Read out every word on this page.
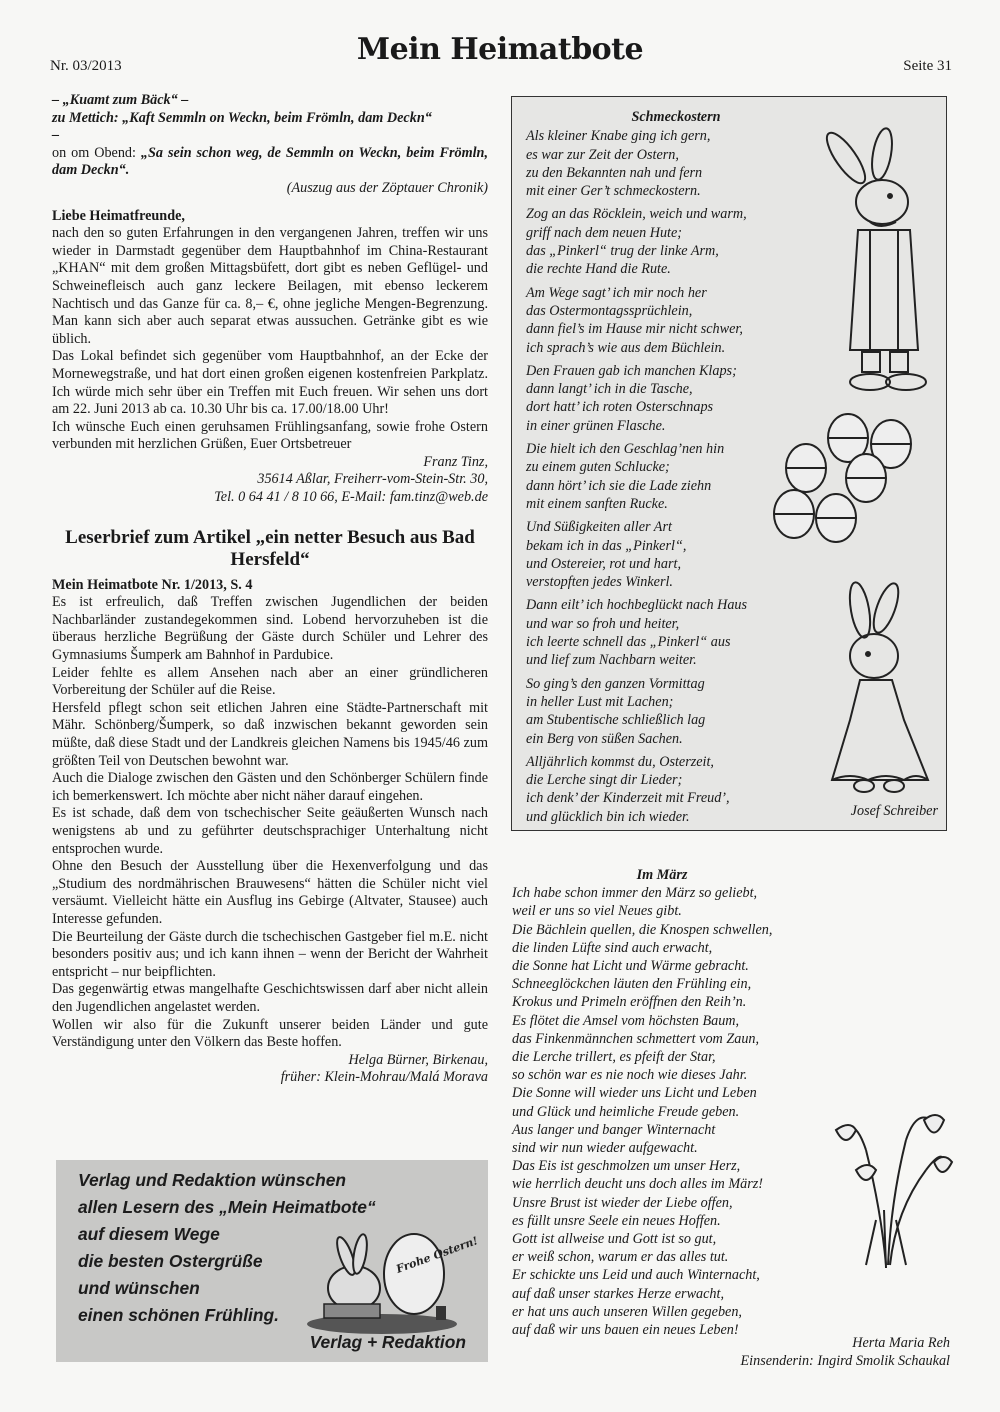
Nr. 03/2013	Mein Heimatbote	Seite 31

– „Kuamt zum Bäck“ –

zu Mettich: „Kaft Semmln on Weckn, beim Frömln, dam Deckn“

–

on om Obend: „Sa sein schon weg, de Semmln on Weckn, beim Frömln, dam Deckn“.

(Auszug aus der Zöptauer Chronik)

Liebe Heimatfreunde,

nach den so guten Erfahrungen in den vergangenen Jahren, treffen wir uns wieder in Darmstadt gegenüber dem Hauptbahnhof im China-Restaurant „KHAN“ mit dem großen Mittagsbüfett, dort gibt es neben Geflügel- und Schweinefleisch auch ganz leckere Beilagen, mit ebenso leckerem Nachtisch und das Ganze für ca. 8,– €, ohne jegliche Mengen-Begrenzung. Man kann sich aber auch separat etwas aussuchen. Getränke gibt es wie üblich.

Das Lokal befindet sich gegenüber vom Hauptbahnhof, an der Ecke der Mornewegstraße, und hat dort einen großen eigenen kostenfreien Parkplatz. Ich würde mich sehr über ein Treffen mit Euch freuen. Wir sehen uns dort am 22. Juni 2013 ab ca. 10.30 Uhr bis ca. 17.00/18.00 Uhr!

Ich wünsche Euch einen geruhsamen Frühlingsanfang, sowie frohe Ostern verbunden mit herzlichen Grüßen, Euer Ortsbetreuer

Franz Tinz,

35614 Aßlar, Freiherr-vom-Stein-Str. 30,

Tel. 0 64 41 / 8 10 66, E-Mail: fam.tinz@web.de

Leserbrief zum Artikel „ein netter Besuch aus Bad Hersfeld“

Mein Heimatbote Nr. 1/2013, S. 4

Es ist erfreulich, daß Treffen zwischen Jugendlichen der beiden Nachbarländer zustandegekommen sind. Lobend hervorzuheben ist die überaus herzliche Begrüßung der Gäste durch Schüler und Lehrer des Gymnasiums Šumperk am Bahnhof in Pardubice.

Leider fehlte es allem Ansehen nach aber an einer gründlicheren Vorbereitung der Schüler auf die Reise.

Hersfeld pflegt schon seit etlichen Jahren eine Städte-Partnerschaft mit Mähr. Schönberg/Šumperk, so daß inzwischen bekannt geworden sein müßte, daß diese Stadt und der Landkreis gleichen Namens bis 1945/46 zum größten Teil von Deutschen bewohnt war.

Auch die Dialoge zwischen den Gästen und den Schönberger Schülern finde ich bemerkenswert. Ich möchte aber nicht näher darauf eingehen.

Es ist schade, daß dem von tschechischer Seite geäußerten Wunsch nach wenigstens ab und zu geführter deutschsprachiger Unterhaltung nicht entsprochen wurde.

Ohne den Besuch der Ausstellung über die Hexenverfolgung und das „Studium des nordmährischen Brauwesens“ hätten die Schüler nicht viel versäumt. Vielleicht hätte ein Ausflug ins Gebirge (Altvater, Stausee) auch Interesse gefunden.

Die Beurteilung der Gäste durch die tschechischen Gastgeber fiel m.E. nicht besonders positiv aus; und ich kann ihnen – wenn der Bericht der Wahrheit entspricht – nur beipflichten.

Das gegenwärtig etwas mangelhafte Geschichtswissen darf aber nicht allein den Jugendlichen angelastet werden.

Wollen wir also für die Zukunft unserer beiden Länder und gute Verständigung unter den Völkern das Beste hoffen.

Helga Bürner, Birkenau,

früher: Klein-Mohrau/Malá Morava

Verlag und Redaktion wünschen
allen Lesern des „Mein Heimatbote“
auf diesem Wege
die besten Ostergrüße
und wünschen
einen schönen Frühling.
Frohe Ostern!
Verlag + Redaktion
Schmeckostern
Als kleiner Knabe ging ich gern,
es war zur Zeit der Ostern,
zu den Bekannten nah und fern
mit einer Ger’t schmeckostern.
Zog an das Röcklein, weich und warm,
griff nach dem neuen Hute;
das „Pinkerl“ trug der linke Arm,
die rechte Hand die Rute.
Am Wege sagt’ ich mir noch her
das Ostermontagssprüchlein,
dann fiel’s im Hause mir nicht schwer,
ich sprach’s wie aus dem Büchlein.
Den Frauen gab ich manchen Klaps;
dann langt’ ich in die Tasche,
dort hatt’ ich roten Osterschnaps
in einer grünen Flasche.
Die hielt ich den Geschlag’nen hin
zu einem guten Schlucke;
dann hört’ ich sie die Lade ziehn
mit einem sanften Rucke.
Und Süßigkeiten aller Art
bekam ich in das „Pinkerl“,
und Ostereier, rot und hart,
verstopften jedes Winkerl.
Dann eilt’ ich hochbeglückt nach Haus
und war so froh und heiter,
ich leerte schnell das „Pinkerl“ aus
und lief zum Nachbarn weiter.
So ging’s den ganzen Vormittag
in heller Lust mit Lachen;
am Stubentische schließlich lag
ein Berg von süßen Sachen.
Alljährlich kommst du, Osterzeit,
die Lerche singt dir Lieder;
ich denk’ der Kinderzeit mit Freud’,
und glücklich bin ich wieder.	Josef Schreiber
Im März
Ich habe schon immer den März so geliebt,
weil er uns so viel Neues gibt.
Die Bächlein quellen, die Knospen schwellen,
die linden Lüfte sind auch erwacht,
die Sonne hat Licht und Wärme gebracht.
Schneeglöckchen läuten den Frühling ein,
Krokus und Primeln eröffnen den Reih’n.
Es flötet die Amsel vom höchsten Baum,
das Finkenmännchen schmettert vom Zaun,
die Lerche trillert, es pfeift der Star,
so schön war es nie noch wie dieses Jahr.
Die Sonne will wieder uns Licht und Leben
und Glück und heimliche Freude geben.
Aus langer und banger Winternacht
sind wir nun wieder aufgewacht.
Das Eis ist geschmolzen um unser Herz,
wie herrlich deucht uns doch alles im März!
Unsre Brust ist wieder der Liebe offen,
es füllt unsre Seele ein neues Hoffen.
Gott ist allweise und Gott ist so gut,
er weiß schon, warum er das alles tut.
Er schickte uns Leid und auch Winternacht,
auf daß unser starkes Herze erwacht,
er hat uns auch unseren Willen gegeben,
auf daß wir uns bauen ein neues Leben!
Herta Maria Reh
Einsenderin: Ingird Smolik Schaukal
